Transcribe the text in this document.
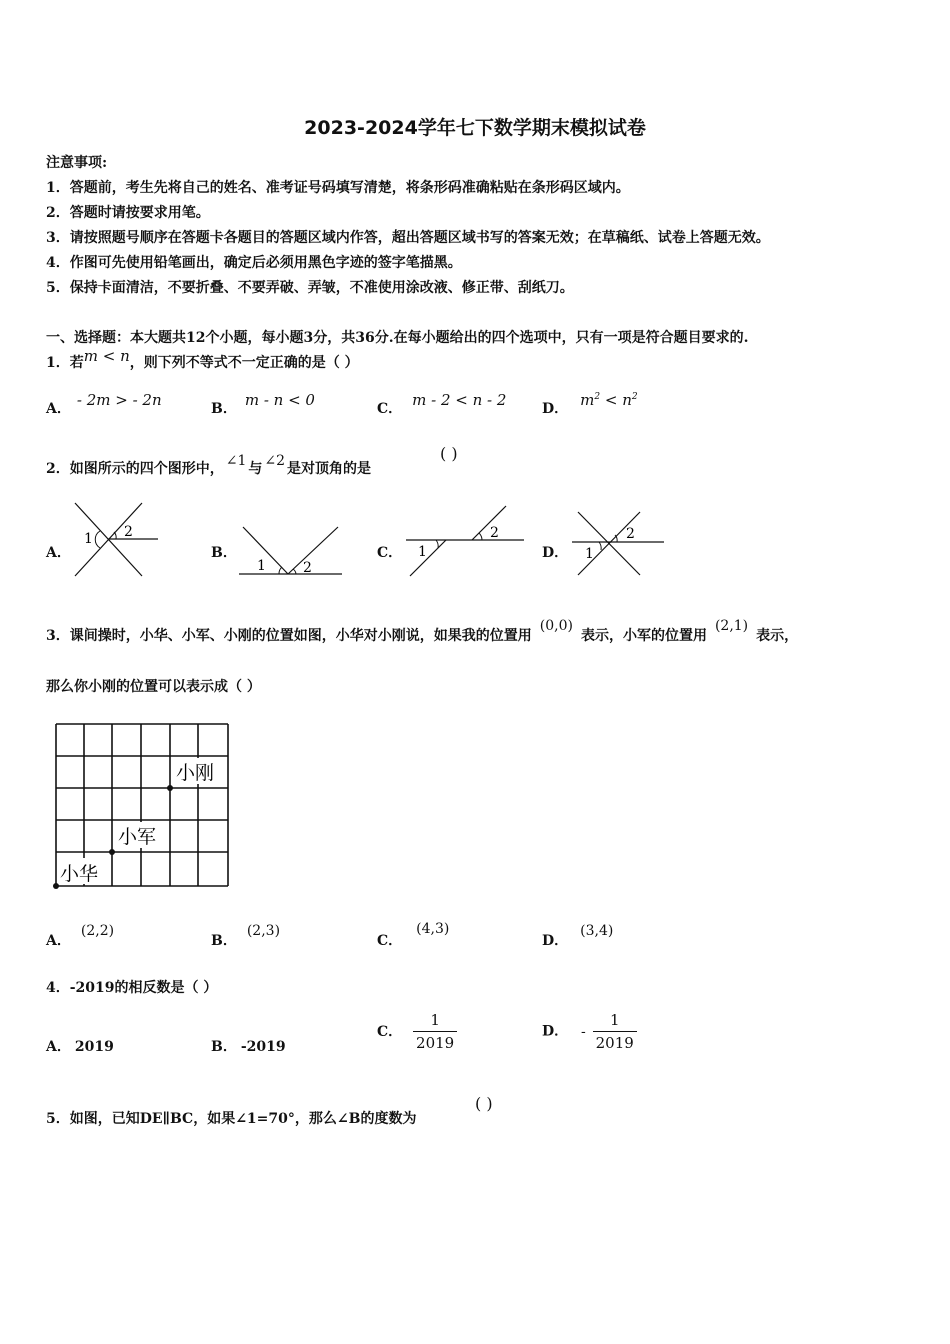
2023-2024学年七下数学期末模拟试卷
注意事项:
1．答题前，考生先将自己的姓名、准考证号码填写清楚，将条形码准确粘贴在条形码区域内。
2．答题时请按要求用笔。
3．请按照题号顺序在答题卡各题目的答题区域内作答，超出答题区域书写的答案无效；在草稿纸、试卷上答题无效。
4．作图可先使用铅笔画出，确定后必须用黑色字迹的签字笔描黑。
5．保持卡面清洁，不要折叠、不要弄破、弄皱，不准使用涂改液、修正带、刮纸刀。
一、选择题：本大题共12个小题，每小题3分，共36分.在每小题给出的四个选项中，只有一项是符合题目要求的.
1．若m < n，则下列不等式不一定正确的是（ ）
A． - 2m > - 2n	B． m - n < 0	C． m - 2 < n - 2	D． $m^2 < n^2$
2．如图所示的四个图形中， ∠1 与 ∠2 是对顶角的是
( )
A．	B．	C．	D．
1 2
1	2
1
2
1
2
3．课间操时，小华、小军、小刚的位置如图，小华对小刚说，如果我的位置用(0,0)表示，小军的位置用(2,1)表示，
那么你小刚的位置可以表示成（ ）
小刚
小军
小华
A．(2,2)
B．(2,3)
C．(4,3)
D．(3,4)
4．-2019的相反数是（ ）
A． 2019	B． -2019
C． $\frac{1}{2019}$	D． - $\frac{1}{2019}$
5．如图，已知DE∥BC，如果∠1=70°，那么∠B的度数为
( )
